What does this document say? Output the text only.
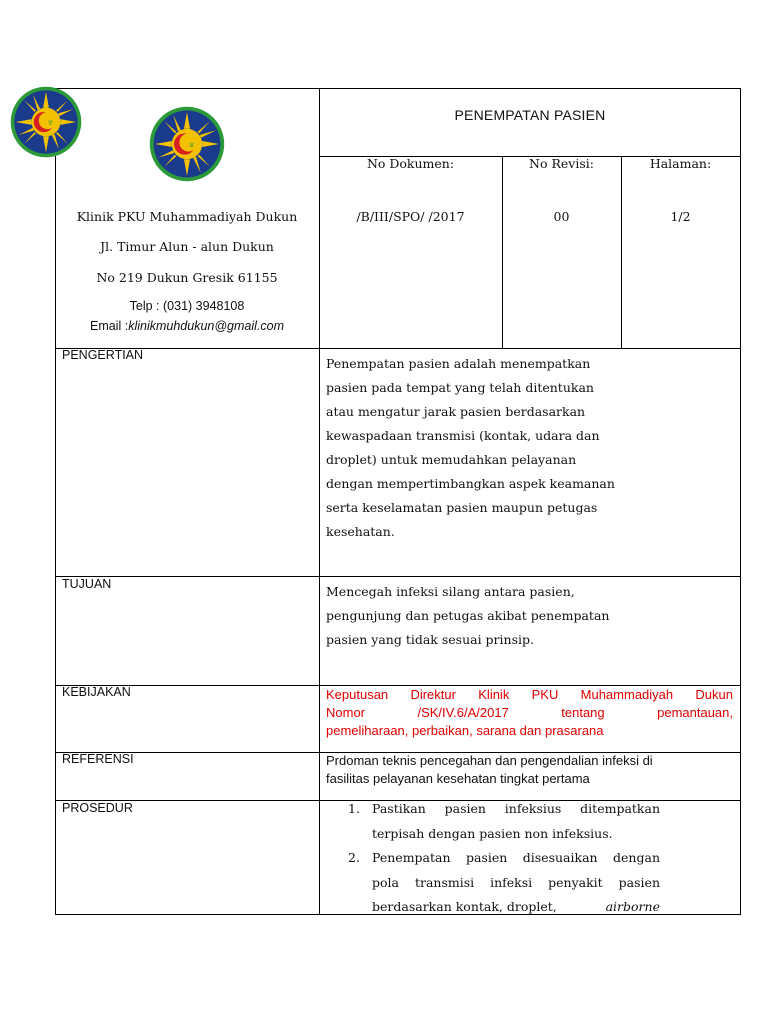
۩
۩
PENEMPATAN PASIEN
No Dokumen:	No Revisi:	Halaman:
/B/III/SPO/ /2017	00	1/2
Klinik PKU Muhammadiyah Dukun
Jl. Timur Alun - alun Dukun
No 219 Dukun Gresik 61155
Telp : (031) 3948108
Email :klinikmuhdukun@gmail.com
PENGERTIAN
Penempatan pasien adalah menempatkan
pasien pada tempat yang telah ditentukan
atau mengatur jarak pasien berdasarkan
kewaspadaan transmisi (kontak, udara dan
droplet) untuk memudahkan pelayanan
dengan mempertimbangkan aspek keamanan
serta keselamatan pasien maupun petugas
kesehatan.
TUJUAN	Mencegah infeksi silang antara pasien,
pengunjung dan petugas akibat penempatan
pasien yang tidak sesuai prinsip.
KEBIJAKAN	Keputusan Direktur Klinik PKU Muhammadiyah Dukun
Nomor /SK/IV.6/A/2017 tentang pemantauan,
pemeliharaan, perbaikan, sarana dan prasarana
REFERENSI	Prdoman teknis pencegahan dan pengendalian infeksi di
fasilitas pelayanan kesehatan tingkat pertama
PROSEDUR	1. Pastikan pasien infeksius ditempatkan
terpisah dengan pasien non infeksius.
2. Penempatan pasien disesuaikan dengan
pola transmisi infeksi penyakit pasien
berdasarkan kontak, droplet,	airborne
